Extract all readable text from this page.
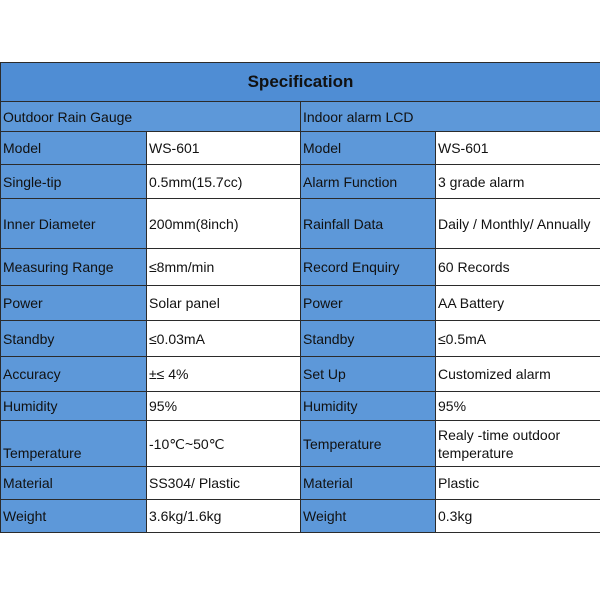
Specification			
Outdoor Rain Gauge		Indoor alarm LCD	
Model	WS-601	Model	WS-601
Single-tip	0.5mm(15.7cc)	Alarm Function	3 grade alarm
Inner Diameter	200mm(8inch)	Rainfall Data	Daily / Monthly/ Annually
Measuring Range	≤8mm/min	Record Enquiry	60 Records
Power	Solar panel	Power	AA Battery
Standby	≤0.03mA	Standby	≤0.5mA
Accuracy	±≤ 4%	Set Up	Customized alarm
Humidity	95%	Humidity	95%
Temperature	-10℃~50℃	Temperature	Realy -time outdoor temperature
Material	SS304/ Plastic	Material	Plastic
Weight	3.6kg/1.6kg	Weight	0.3kg
